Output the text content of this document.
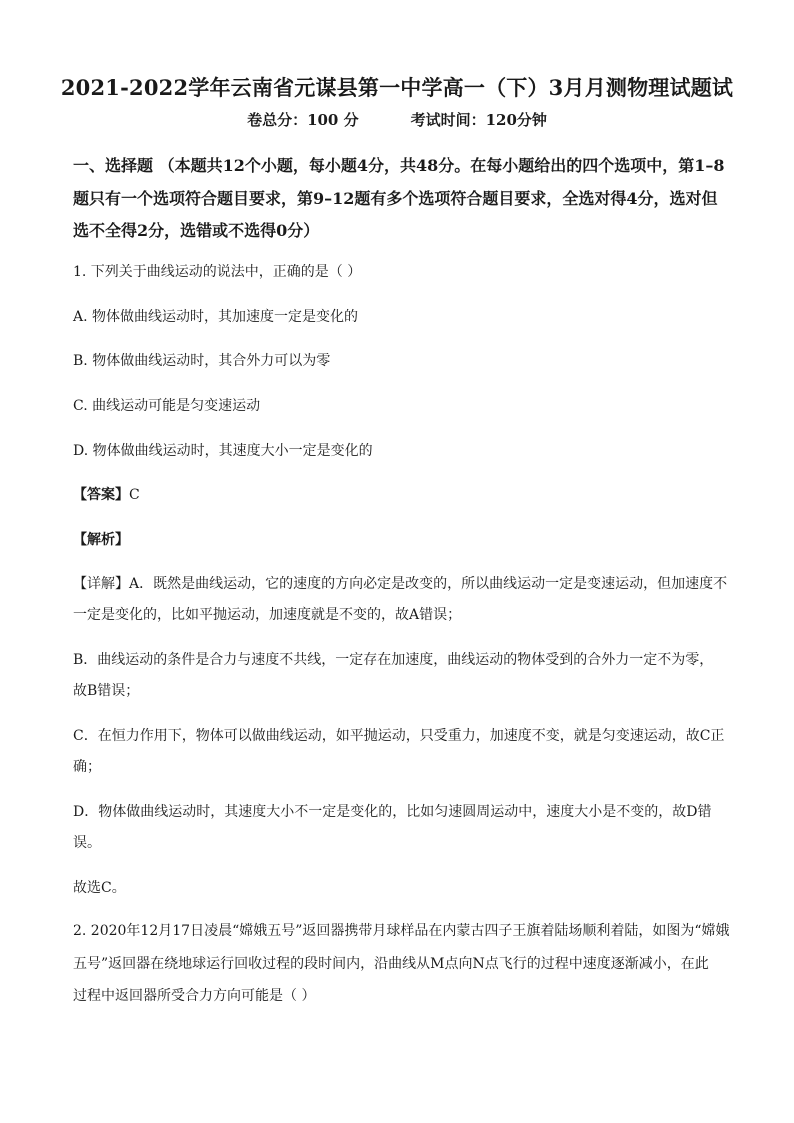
2021-2022学年云南省元谋县第一中学高一（下）3月月测物理试题试
卷总分：100 分	考试时间：120分钟
一、选择题 （本题共12个小题，每小题4分，共48分。在每小题给出的四个选项中，第1–8
题只有一个选项符合题目要求，第9–12题有多个选项符合题目要求，全选对得4分，选对但
选不全得2分，选错或不选得0分）
1. 下列关于曲线运动的说法中，正确的是（ ）
A. 物体做曲线运动时，其加速度一定是变化的
B. 物体做曲线运动时，其合外力可以为零
C. 曲线运动可能是匀变速运动
D. 物体做曲线运动时，其速度大小一定是变化的
【答案】C
【解析】
【详解】A．既然是曲线运动，它的速度的方向必定是改变的，所以曲线运动一定是变速运动，但加速度不
一定是变化的，比如平抛运动，加速度就是不变的，故A错误；
B．曲线运动的条件是合力与速度不共线，一定存在加速度，曲线运动的物体受到的合外力一定不为零，
故B错误；
C．在恒力作用下，物体可以做曲线运动，如平抛运动，只受重力，加速度不变，就是匀变速运动，故C正
确；
D．物体做曲线运动时，其速度大小不一定是变化的，比如匀速圆周运动中，速度大小是不变的，故D错
误。
故选C。
2. 2020年12月17日凌晨“嫦娥五号”返回器携带月球样品在内蒙古四子王旗着陆场顺利着陆，如图为“嫦娥
五号”返回器在绕地球运行回收过程的段时间内，沿曲线从M点向N点飞行的过程中速度逐渐减小，在此
过程中返回器所受合力方向可能是（ ）
